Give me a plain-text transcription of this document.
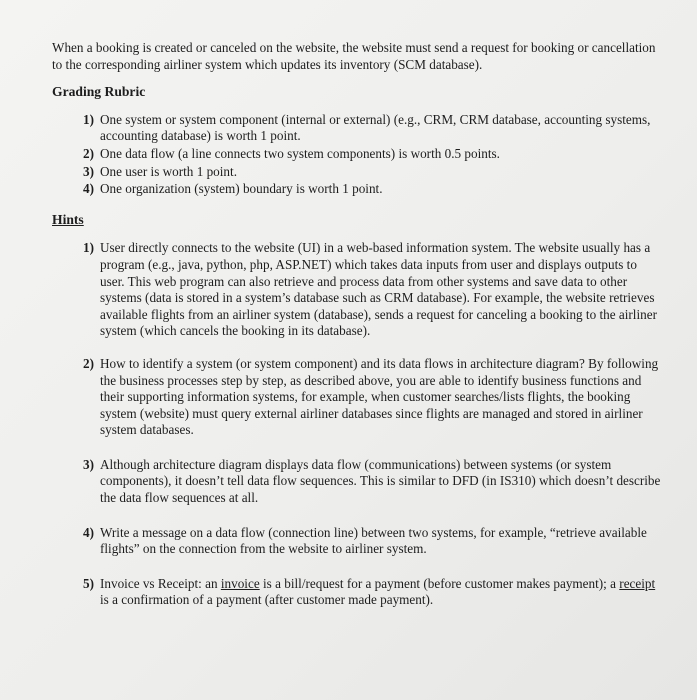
When a booking is created or canceled on the website, the website must send a request for booking or cancellation to the corresponding airliner system which updates its inventory (SCM database).

Grading Rubric
1) One system or system component (internal or external) (e.g., CRM, CRM database, accounting systems, accounting database) is worth 1 point.
2) One data flow (a line connects two system components) is worth 0.5 points.
3) One user is worth 1 point.
4) One organization (system) boundary is worth 1 point.
Hints
1) User directly connects to the website (UI) in a web-based information system. The website usually has a program (e.g., java, python, php, ASP.NET) which takes data inputs from user and displays outputs to user. This web program can also retrieve and process data from other systems and save data to other systems (data is stored in a system’s database such as CRM database). For example, the website retrieves available flights from an airliner system (database), sends a request for canceling a booking to the airliner system (which cancels the booking in its database).
2) How to identify a system (or system component) and its data flows in architecture diagram? By following the business processes step by step, as described above, you are able to identify business functions and their supporting information systems, for example, when customer searches/lists flights, the booking system (website) must query external airliner databases since flights are managed and stored in airliner system databases.
3) Although architecture diagram displays data flow (communications) between systems (or system components), it doesn’t tell data flow sequences. This is similar to DFD (in IS310) which doesn’t describe the data flow sequences at all.
4) Write a message on a data flow (connection line) between two systems, for example, “retrieve available flights” on the connection from the website to airliner system.
5) Invoice vs Receipt: an invoice is a bill/request for a payment (before customer makes payment); a receipt is a confirmation of a payment (after customer made payment).
